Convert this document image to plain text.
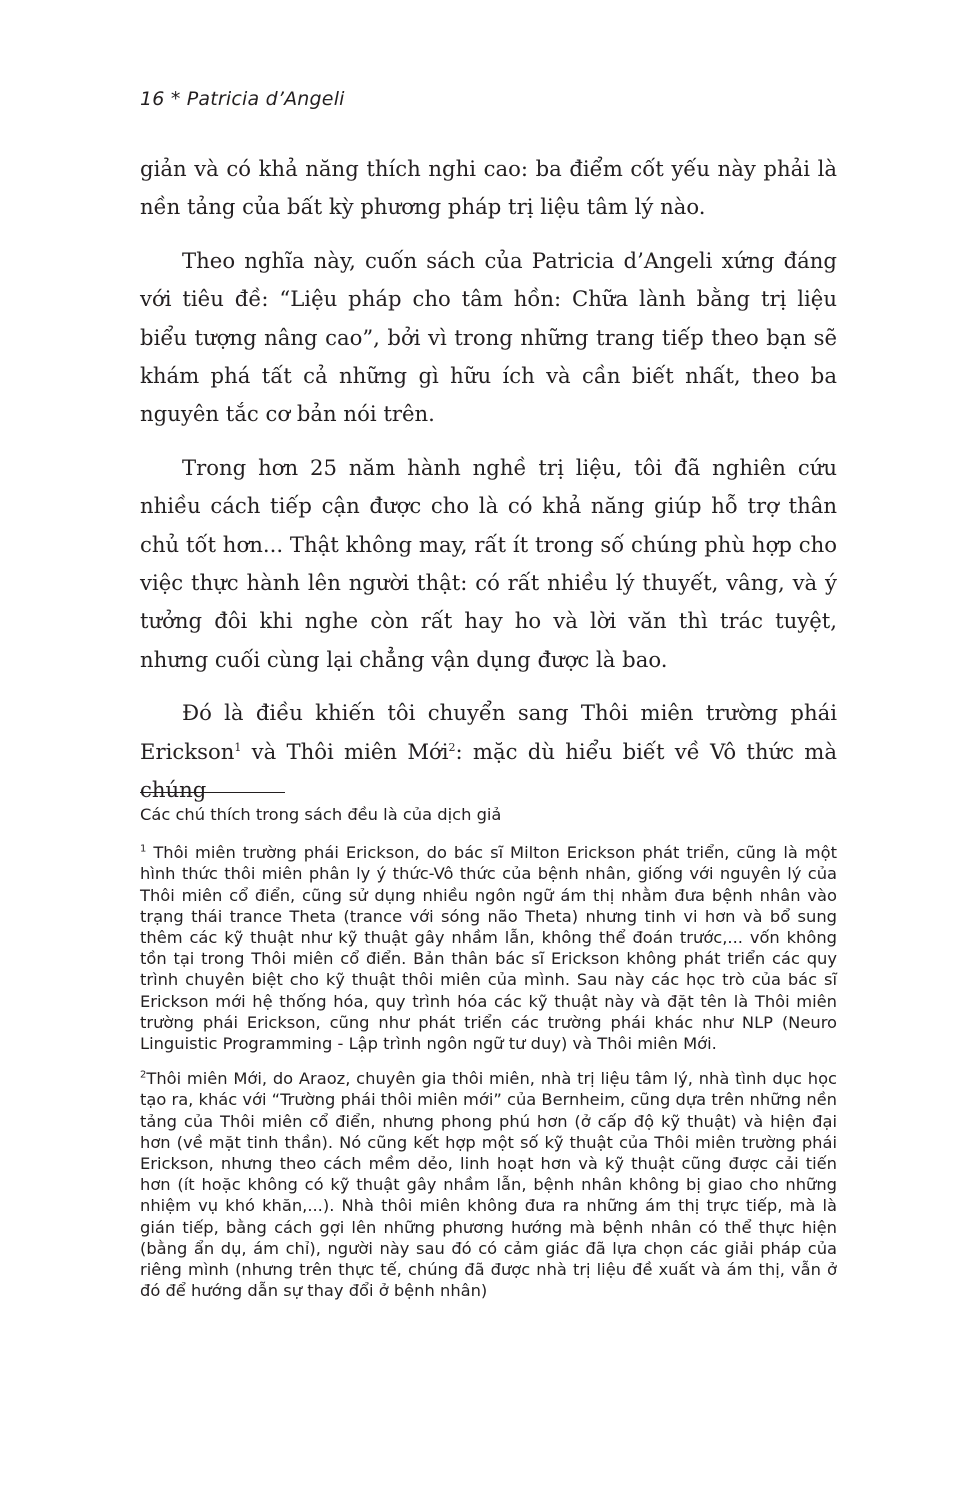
16 * Patricia d’Angeli

giản và có khả năng thích nghi cao: ba điểm cốt yếu này phải là nền tảng của bất kỳ phương pháp trị liệu tâm lý nào.

Theo nghĩa này, cuốn sách của Patricia d’Angeli xứng đáng với tiêu đề: “Liệu pháp cho tâm hồn: Chữa lành bằng trị liệu biểu tượng nâng cao”, bởi vì trong những trang tiếp theo bạn sẽ khám phá tất cả những gì hữu ích và cần biết nhất, theo ba nguyên tắc cơ bản nói trên.

Trong hơn 25 năm hành nghề trị liệu, tôi đã nghiên cứu nhiều cách tiếp cận được cho là có khả năng giúp hỗ trợ thân chủ tốt hơn... Thật không may, rất ít trong số chúng phù hợp cho việc thực hành lên người thật: có rất nhiều lý thuyết, vâng, và ý tưởng đôi khi nghe còn rất hay ho và lời văn thì trác tuyệt, nhưng cuối cùng lại chẳng vận dụng được là bao.

Đó là điều khiến tôi chuyển sang Thôi miên trường phái Erickson$^1$ và Thôi miên Mới$^2$: mặc dù hiểu biết về Vô thức mà chúng

Các chú thích trong sách đều là của dịch giả

$^1$ Thôi miên trường phái Erickson, do bác sĩ Milton Erickson phát triển, cũng là một hình thức thôi miên phân ly ý thức-Vô thức của bệnh nhân, giống với nguyên lý của Thôi miên cổ điển, cũng sử dụng nhiều ngôn ngữ ám thị nhằm đưa bệnh nhân vào trạng thái trance Theta (trance với sóng não Theta) nhưng tinh vi hơn và bổ sung thêm các kỹ thuật như kỹ thuật gây nhầm lẫn, không thể đoán trước,... vốn không tồn tại trong Thôi miên cổ điển. Bản thân bác sĩ Erickson không phát triển các quy trình chuyên biệt cho kỹ thuật thôi miên của mình. Sau này các học trò của bác sĩ Erickson mới hệ thống hóa, quy trình hóa các kỹ thuật này và đặt tên là Thôi miên trường phái Erickson, cũng như phát triển các trường phái khác như NLP (Neuro Linguistic Programming - Lập trình ngôn ngữ tư duy) và Thôi miên Mới.

$^2$Thôi miên Mới, do Araoz, chuyên gia thôi miên, nhà trị liệu tâm lý, nhà tình dục học tạo ra, khác với “Trường phái thôi miên mới” của Bernheim, cũng dựa trên những nền tảng của Thôi miên cổ điển, nhưng phong phú hơn (ở cấp độ kỹ thuật) và hiện đại hơn (về mặt tinh thần). Nó cũng kết hợp một số kỹ thuật của Thôi miên trường phái Erickson, nhưng theo cách mềm dẻo, linh hoạt hơn và kỹ thuật cũng được cải tiến hơn (ít hoặc không có kỹ thuật gây nhầm lẫn, bệnh nhân không bị giao cho những nhiệm vụ khó khăn,...). Nhà thôi miên không đưa ra những ám thị trực tiếp, mà là gián tiếp, bằng cách gợi lên những phương hướng mà bệnh nhân có thể thực hiện (bằng ẩn dụ, ám chỉ), người này sau đó có cảm giác đã lựa chọn các giải pháp của riêng mình (nhưng trên thực tế, chúng đã được nhà trị liệu đề xuất và ám thị, vẫn ở đó để hướng dẫn sự thay đổi ở bệnh nhân)
